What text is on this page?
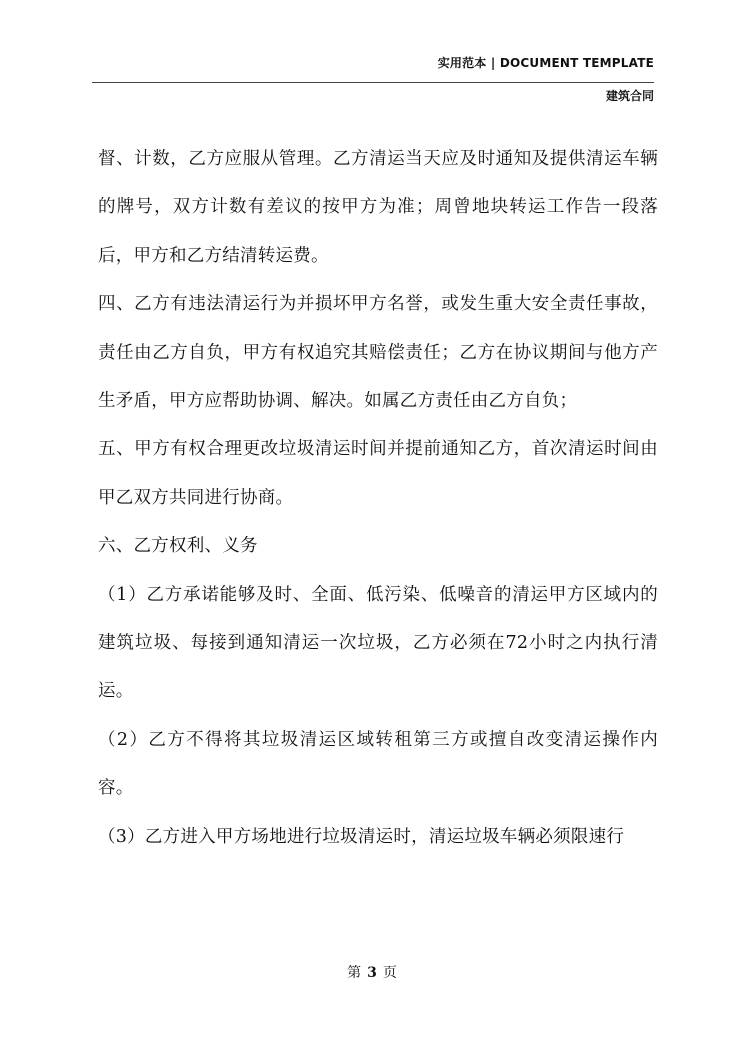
实用范本 | DOCUMENT TEMPLATE
建筑合同

督、计数，乙方应服从管理。乙方清运当天应及时通知及提供清运车辆的牌号，双方计数有差议的按甲方为准；周曾地块转运工作告一段落后，甲方和乙方结清转运费。

四、乙方有违法清运行为并损坏甲方名誉，或发生重大安全责任事故，责任由乙方自负，甲方有权追究其赔偿责任；乙方在协议期间与他方产生矛盾，甲方应帮助协调、解决。如属乙方责任由乙方自负；

五、甲方有权合理更改垃圾清运时间并提前通知乙方，首次清运时间由甲乙双方共同进行协商。

六、乙方权利、义务

（1）乙方承诺能够及时、全面、低污染、低噪音的清运甲方区域内的建筑垃圾、每接到通知清运一次垃圾，乙方必须在72小时之内执行清运。

（2）乙方不得将其垃圾清运区域转租第三方或擅自改变清运操作内容。

（3）乙方进入甲方场地进行垃圾清运时，清运垃圾车辆必须限速行

第 3 页
